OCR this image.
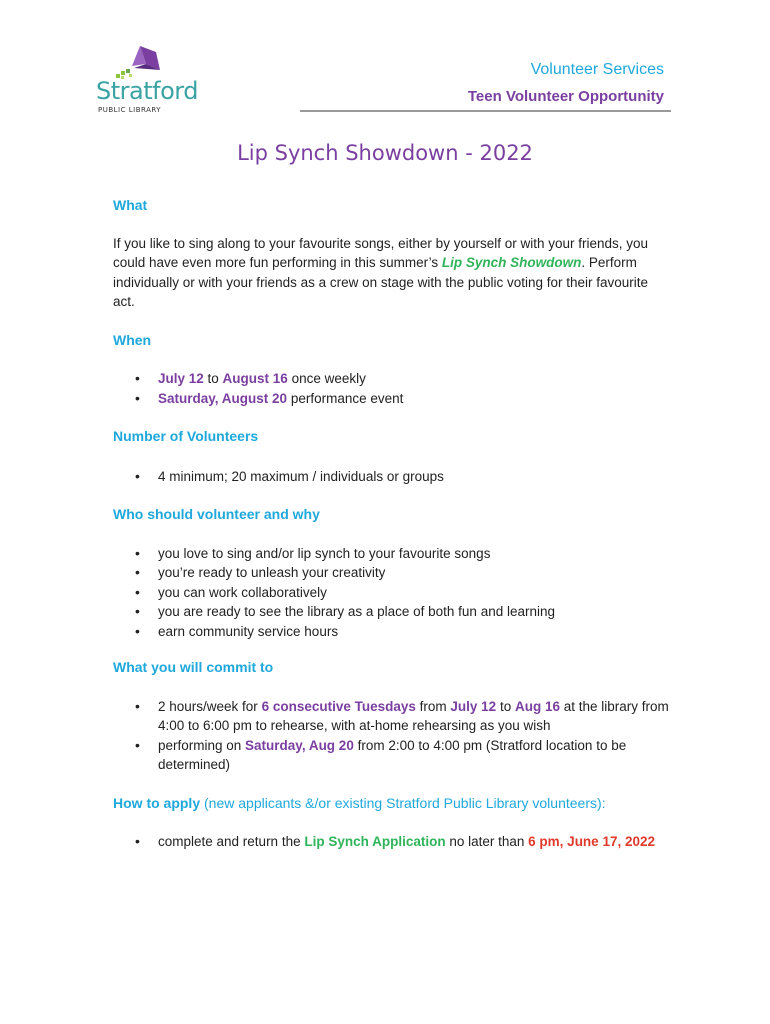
Stratford
PUBLIC LIBRARY
Volunteer Services
Teen Volunteer Opportunity
Lip Synch Showdown - 2022
What

If you like to sing along to your favourite songs, either by yourself or with your friends, you could have even more fun performing in this summer’s Lip Synch Showdown. Perform individually or with your friends as a crew on stage with the public voting for their favourite act.

When
• July 12 to August 16 once weekly
• Saturday, August 20 performance event
Number of Volunteers
• 4 minimum; 20 maximum / individuals or groups
Who should volunteer and why
• you love to sing and/or lip synch to your favourite songs
• you’re ready to unleash your creativity
• you can work collaboratively
• you are ready to see the library as a place of both fun and learning
• earn community service hours
What you will commit to
• 2 hours/week for 6 consecutive Tuesdays from July 12 to Aug 16 at the library from 4:00 to 6:00 pm to rehearse, with at-home rehearsing as you wish
• performing on Saturday, Aug 20 from 2:00 to 4:00 pm (Stratford location to be determined)
How to apply (new applicants &/or existing Stratford Public Library volunteers):
• complete and return the Lip Synch Application no later than 6 pm, June 17, 2022
